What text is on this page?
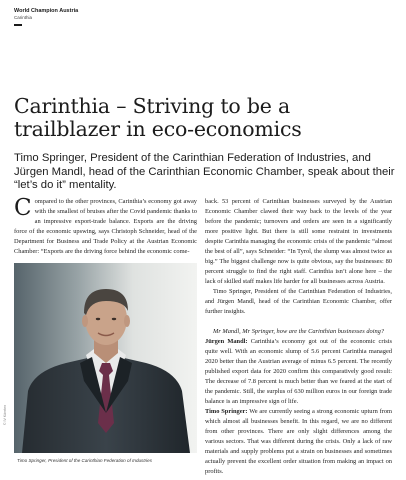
World Champion Austria
Carinthia
Carinthia – Striving to be a trailblazer in eco-economics

Timo Springer, President of the Carinthian Federation of Industries, and Jürgen Mandl, head of the Carinthian Economic Chamber, speak about their “let’s do it” mentality.

Compared to the other provinces, Carinthia’s economy got away with the smallest of bruises after the Covid pandemic thanks to an impressive export-trade balance. Exports are the driving force of the economic upswing, says Christoph Schneider, head of the Department for Business and Trade Policy at the Austrian Economic Chamber: “Exports are the driving force behind the economic come-

© IV Kärnten
Timo Springer, President of the Carinthian Federation of Industries

back. 53 percent of Carinthian businesses surveyed by the Austrian Economic Chamber clawed their way back to the levels of the year before the pandemic; turnovers and orders are seen in a significantly more positive light. But there is still some restraint in investments despite Carinthia managing the economic crisis of the pandemic “almost the best of all”, says Schneider: “In Tyrol, the slump was almost twice as big.” The biggest challenge now is quite obvious, say the businesses: 80 percent struggle to find the right staff. Carinthia isn’t alone here – the lack of skilled staff makes life harder for all businesses across Austria.

Timo Springer, President of the Carinthian Federation of Industries, and Jürgen Mandl, head of the Carinthian Economic Chamber, offer further insights.

Mr Mandl, Mr Springer, how are the Carinthian businesses doing?

Jürgen Mandl: Carinthia’s economy got out of the economic crisis quite well. With an economic slump of 5.6 percent Carinthia managed 2020 better than the Austrian average of minus 6.5 percent. The recently published export data for 2020 confirm this comparatively good result: The decrease of 7.8 percent is much better than we feared at the start of the pandemic. Still, the surplus of 630 million euros in our foreign trade balance is an impressive sign of life.

Timo Springer: We are currently seeing a strong economic upturn from which almost all businesses benefit. In this regard, we are no different from other provinces. There are only slight differences among the various sectors. That was different during the crisis. Only a lack of raw materials and supply problems put a strain on businesses and sometimes actually prevent the excellent order situation from making an impact on profits.
